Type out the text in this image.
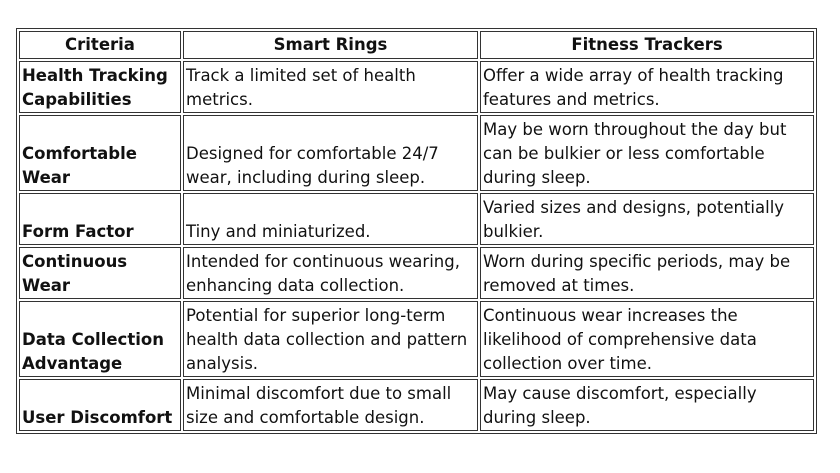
Criteria	Smart Rings	Fitness Trackers
Health Tracking Capabilities	Track a limited set of health metrics.	Offer a wide array of health tracking features and metrics.
Comfortable Wear	Designed for comfortable 24/7 wear, including during sleep.	May be worn throughout the day but can be bulkier or less comfortable during sleep.
Form Factor	Tiny and miniaturized.	Varied sizes and designs, potentially bulkier.
Continuous Wear	Intended for continuous wearing, enhancing data collection.	Worn during specific periods, may be removed at times.
Data Collection Advantage	Potential for superior long-term health data collection and pattern analysis.	Continuous wear increases the likelihood of comprehensive data collection over time.
User Discomfort	Minimal discomfort due to small size and comfortable design.	May cause discomfort, especially during sleep.
